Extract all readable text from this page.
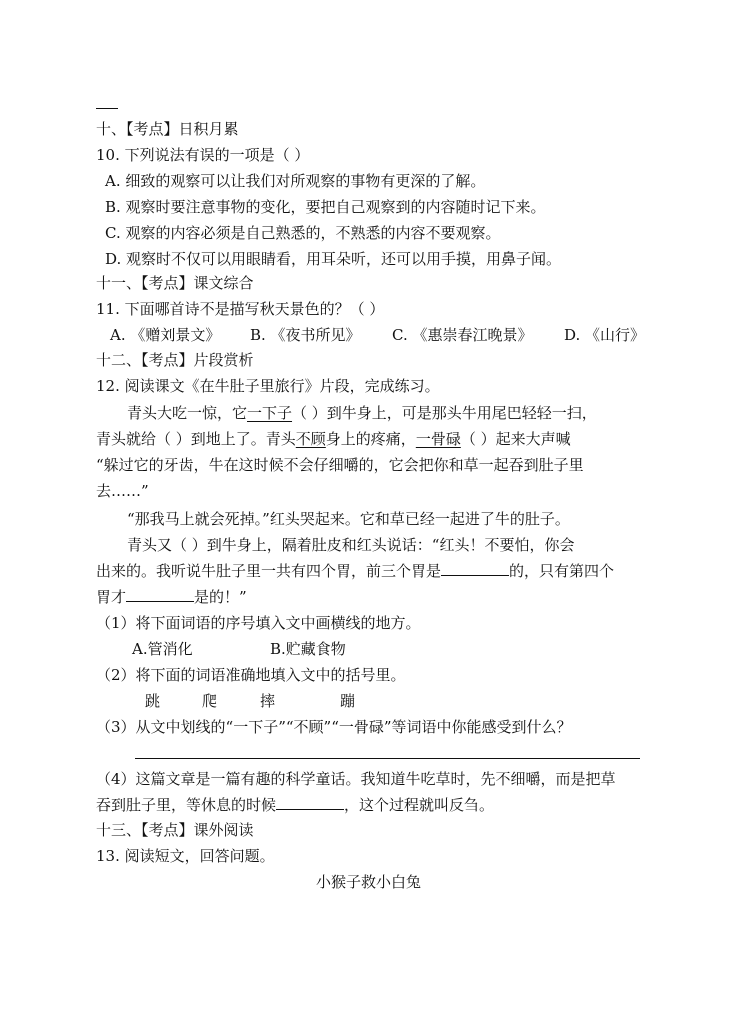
十、【考点】日积月累
10. 下列说法有误的一项是（ ）
A. 细致的观察可以让我们对所观察的事物有更深的了解。
B. 观察时要注意事物的变化，要把自己观察到的内容随时记下来。
C. 观察的内容必须是自己熟悉的，不熟悉的内容不要观察。
D. 观察时不仅可以用眼睛看，用耳朵听，还可以用手摸，用鼻子闻。
十一、【考点】课文综合
11. 下面哪首诗不是描写秋天景色的？（ ）
A. 《赠刘景文》 B. 《夜书所见》 C. 《惠崇春江晚景》 D. 《山行》
十二、【考点】片段赏析
12. 阅读课文《在牛肚子里旅行》片段，完成练习。
青头大吃一惊，它一下子（ ）到牛身上，可是那头牛用尾巴轻轻一扫，
青头就给（ ）到地上了。青头不顾身上的疼痛，一骨碌（ ）起来大声喊
“躲过它的牙齿，牛在这时候不会仔细嚼的，它会把你和草一起吞到肚子里
去……”
“那我马上就会死掉。”红头哭起来。它和草已经一起进了牛的肚子。
青头又（ ）到牛身上，隔着肚皮和红头说话：“红头！不要怕，你会
出来的。我听说牛肚子里一共有四个胃，前三个胃是	的，只有第四个
胃才	是的！”
（1）将下面词语的序号填入文中画横线的地方。
A.管消化	B.贮藏食物
（2）将下面的词语准确地填入文中的括号里。
跳	爬	摔	蹦
（3）从文中划线的“一下子”“不顾”“一骨碌”等词语中你能感受到什么？
（4）这篇文章是一篇有趣的科学童话。我知道牛吃草时，先不细嚼，而是把草
吞到肚子里，等休息的时候	，这个过程就叫反刍。
十三、【考点】课外阅读
13. 阅读短文，回答问题。
小猴子救小白兔
